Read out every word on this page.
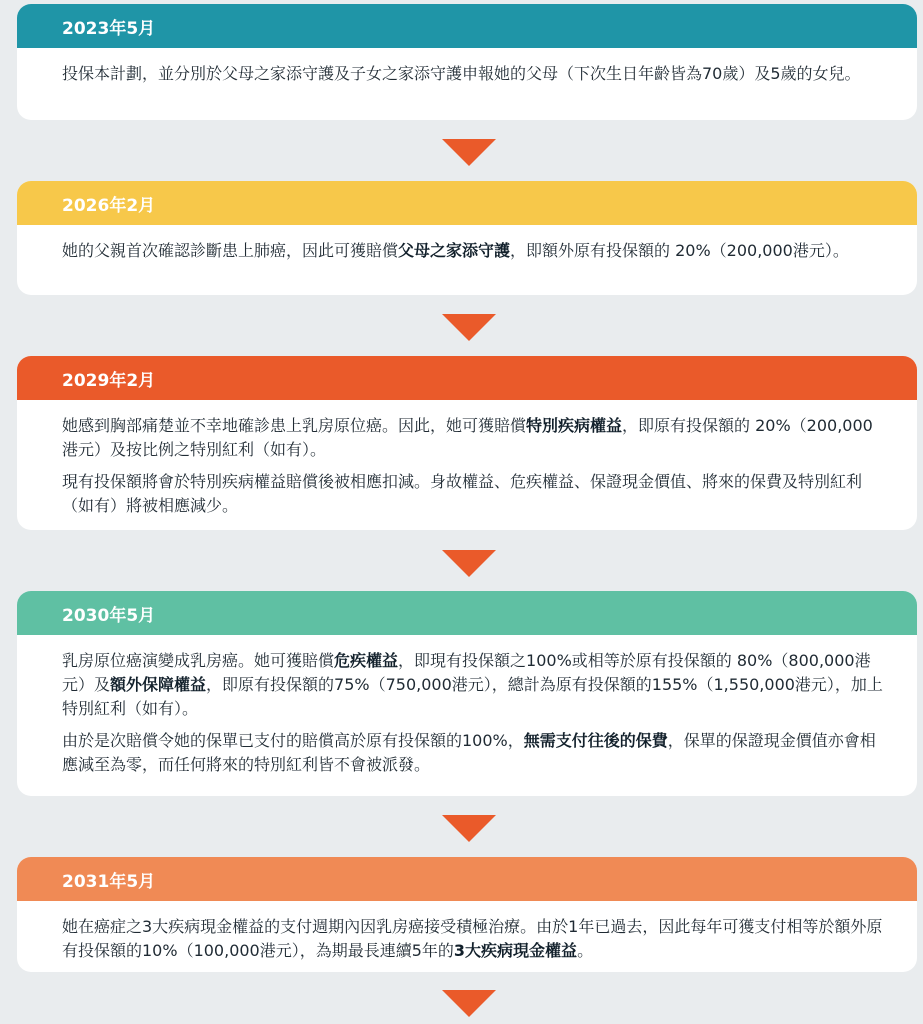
2023年5月

投保本計劃，並分別於父母之家添守護及子女之家添守護申報她的父母（下次生日年齡皆為70歲）及5歲的女兒。

2026年2月

她的父親首次確認診斷患上肺癌，因此可獲賠償父母之家添守護，即額外原有投保額的 20%（200,000港元）。

2029年2月

她感到胸部痛楚並不幸地確診患上乳房原位癌。因此，她可獲賠償特別疾病權益，即原有投保額的 20%（200,000港元）及按比例之特別紅利（如有）。

現有投保額將會於特別疾病權益賠償後被相應扣減。身故權益、危疾權益、保證現金價值、將來的保費及特別紅利（如有）將被相應減少。

2030年5月

乳房原位癌演變成乳房癌。她可獲賠償危疾權益，即現有投保額之100%或相等於原有投保額的 80%（800,000港元）及額外保障權益，即原有投保額的75%（750,000港元），總計為原有投保額的155%（1,550,000港元），加上特別紅利（如有）。

由於是次賠償令她的保單已支付的賠償高於原有投保額的100%，無需支付往後的保費，保單的保證現金價值亦會相應減至為零，而任何將來的特別紅利皆不會被派發。

2031年5月

她在癌症之3大疾病現金權益的支付週期內因乳房癌接受積極治療。由於1年已過去，因此每年可獲支付相等於額外原有投保額的10%（100,000港元），為期最長連續5年的3大疾病現金權益。
